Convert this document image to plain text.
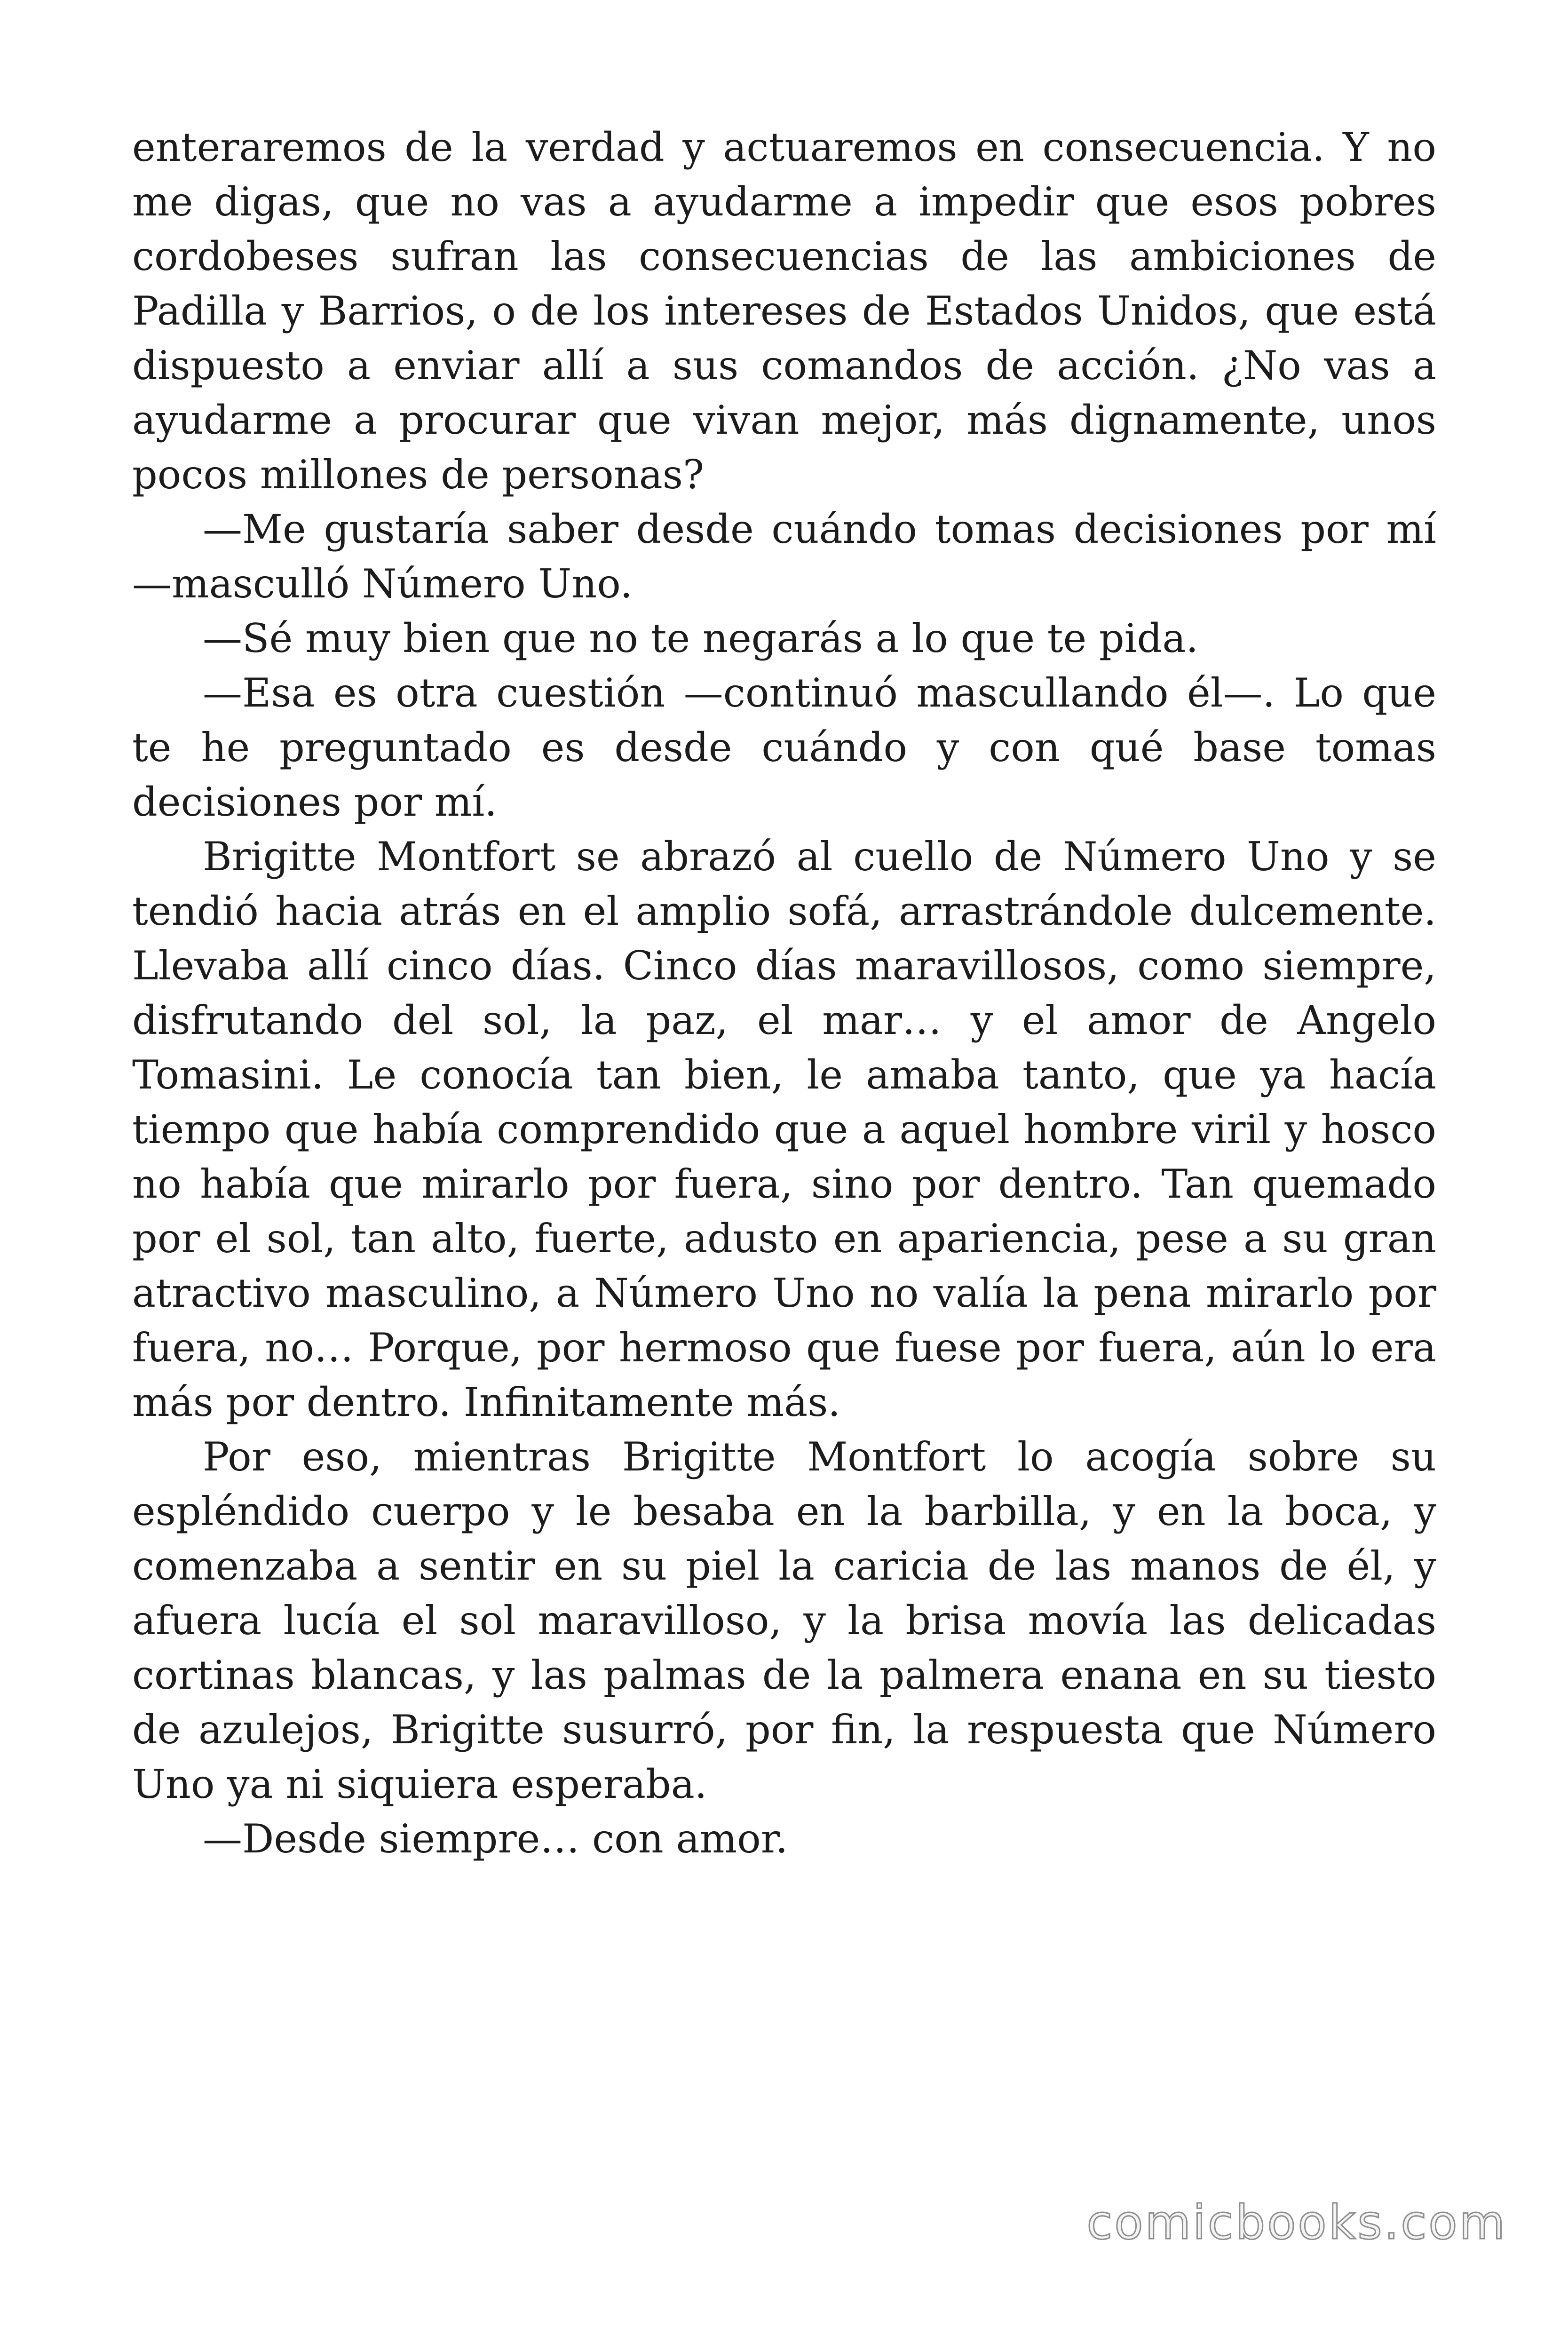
enteraremos de la verdad y actuaremos en consecuencia. Y no me digas, que no vas a ayudarme a impedir que esos pobres cordobeses sufran las consecuencias de las ambiciones de Padilla y Barrios, o de los intereses de Estados Unidos, que está dispuesto a enviar allí a sus comandos de acción. ¿No vas a ayudarme a procurar que vivan mejor, más dignamente, unos pocos millones de personas?

—Me gustaría saber desde cuándo tomas decisiones por mí —masculló Número Uno.

—Sé muy bien que no te negarás a lo que te pida.

—Esa es otra cuestión —continuó mascullando él—. Lo que te he preguntado es desde cuándo y con qué base tomas decisiones por mí.

Brigitte Montfort se abrazó al cuello de Número Uno y se tendió hacia atrás en el amplio sofá, arrastrándole dulcemente. Llevaba allí cinco días. Cinco días maravillosos, como siempre, disfrutando del sol, la paz, el mar… y el amor de Angelo Tomasini. Le conocía tan bien, le amaba tanto, que ya hacía tiempo que había comprendido que a aquel hombre viril y hosco no había que mirarlo por fuera, sino por dentro. Tan quemado por el sol, tan alto, fuerte, adusto en apariencia, pese a su gran atractivo masculino, a Número Uno no valía la pena mirarlo por fuera, no… Porque, por hermoso que fuese por fuera, aún lo era más por dentro. Infinitamente más.

Por eso, mientras Brigitte Montfort lo acogía sobre su espléndido cuerpo y le besaba en la barbilla, y en la boca, y comenzaba a sentir en su piel la caricia de las manos de él, y afuera lucía el sol maravilloso, y la brisa movía las delicadas cortinas blancas, y las palmas de la palmera enana en su tiesto de azulejos, Brigitte susurró, por fin, la respuesta que Número Uno ya ni siquiera esperaba.

—Desde siempre… con amor.

comicbooks.com
